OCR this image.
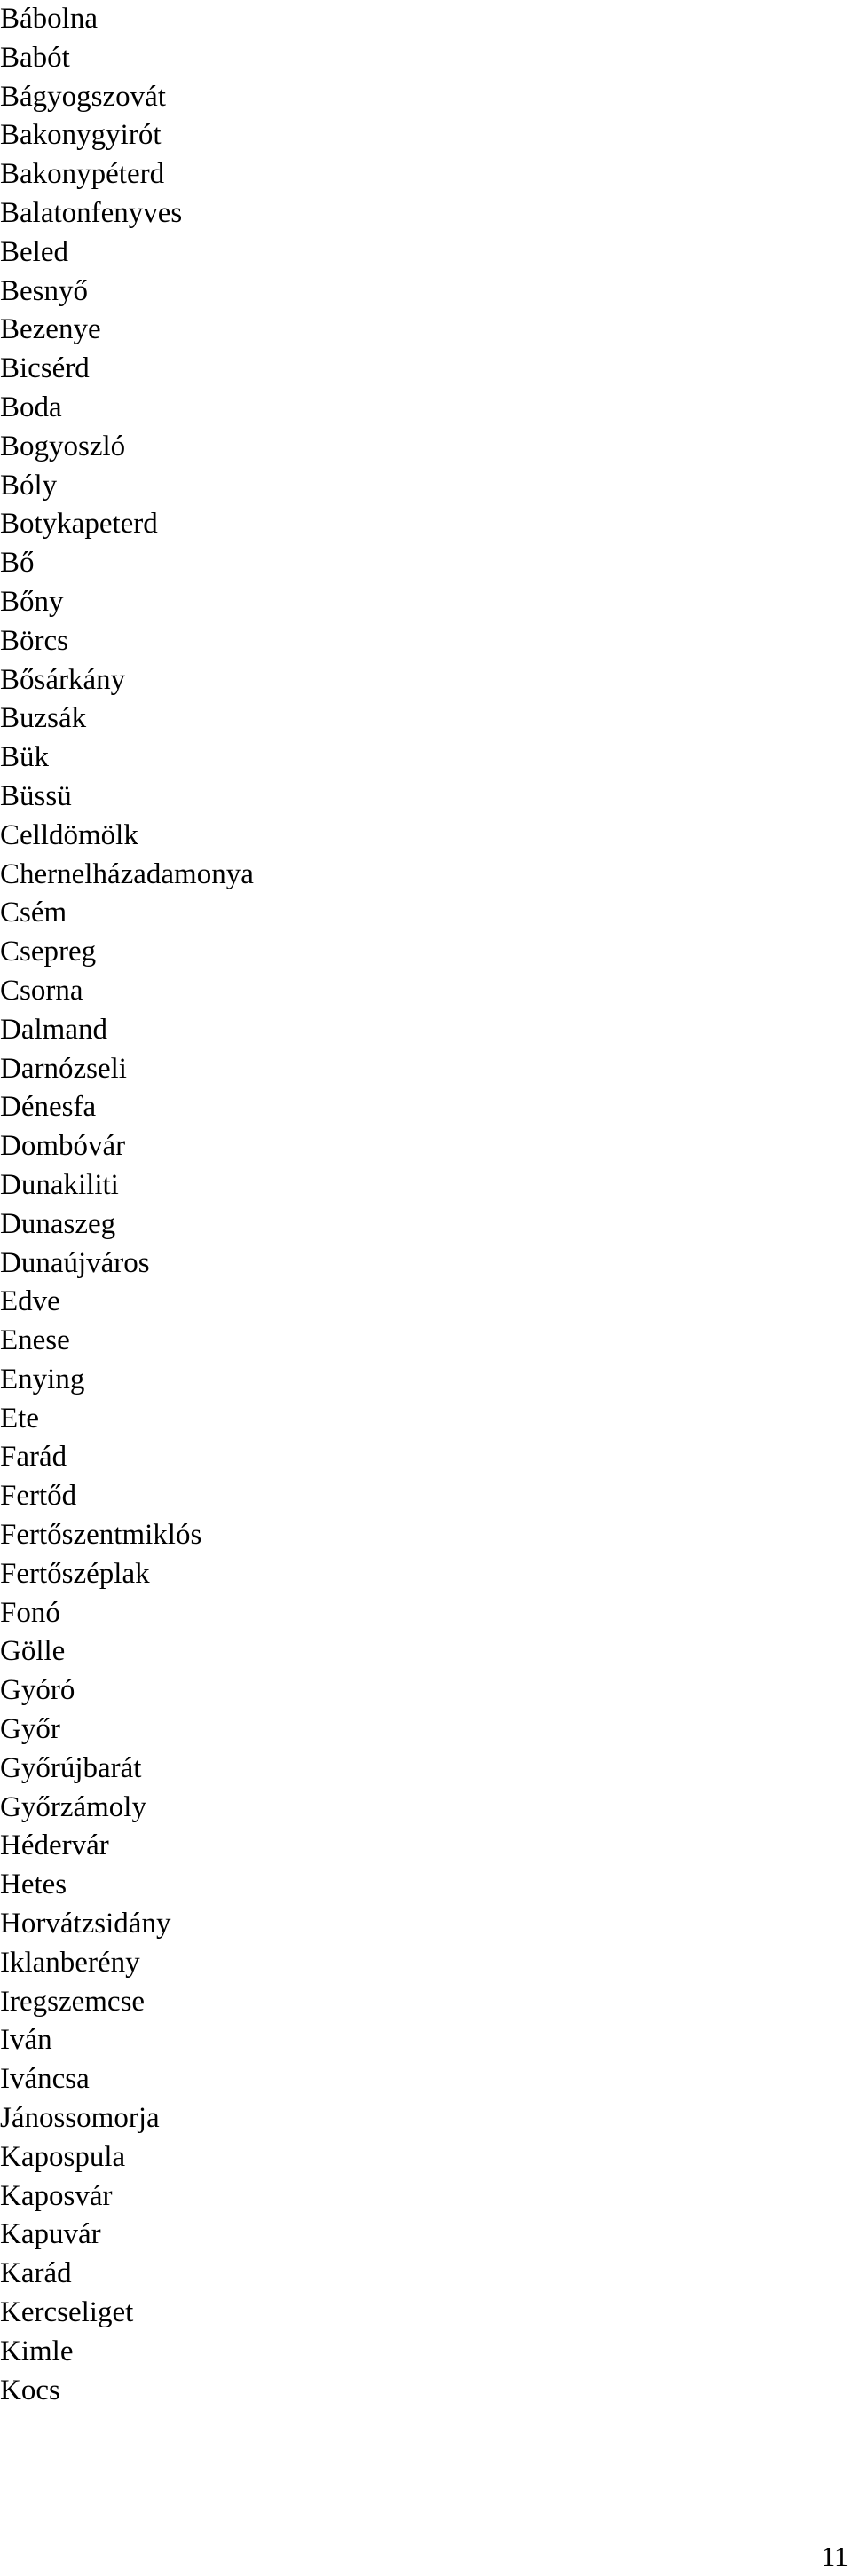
Bábolna
Babót
Bágyogszovát
Bakonygyirót
Bakonypéterd
Balatonfenyves
Beled
Besnyő
Bezenye
Bicsérd
Boda
Bogyoszló
Bóly
Botykapeterd
Bő
Bőny
Börcs
Bősárkány
Buzsák
Bük
Büssü
Celldömölk
Chernelházadamonya
Csém
Csepreg
Csorna
Dalmand
Darnózseli
Dénesfa
Dombóvár
Dunakiliti
Dunaszeg
Dunaújváros
Edve
Enese
Enying
Ete
Farád
Fertőd
Fertőszentmiklós
Fertőszéplak
Fonó
Gölle
Gyóró
Győr
Győrújbarát
Győrzámoly
Hédervár
Hetes
Horvátzsidány
Iklanberény
Iregszemcse
Iván
Iváncsa
Jánossomorja
Kapospula
Kaposvár
Kapuvár
Karád
Kercseliget
Kimle
Kocs
11
